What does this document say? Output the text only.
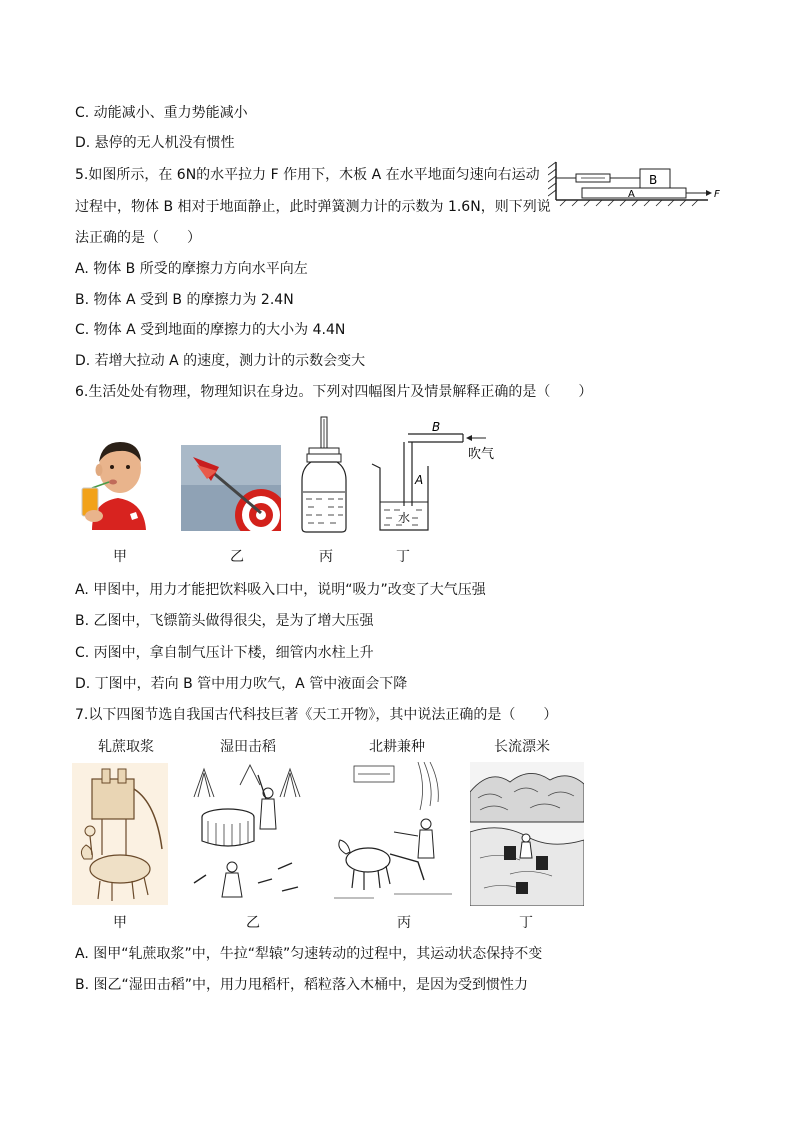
C. 动能减小、重力势能减小
D. 悬停的无人机没有惯性
5.如图所示，在 6N的水平拉力 F 作用下，木板 A 在水平地面匀速向右运动
过程中，物体 B 相对于地面静止，此时弹簧测力计的示数为 1.6N，则下列说
法正确的是（　　）
B
A	F
A. 物体 B 所受的摩擦力方向水平向左
B. 物体 A 受到 B 的摩擦力为 2.4N
C. 物体 A 受到地面的摩擦力的大小为 4.4N
D. 若增大拉动 A 的速度，测力计的示数会变大
6.生活处处有物理，物理知识在身边。下列对四幅图片及情景解释正确的是（　　）
甲	乙	丙
B
吹气
A
水
丁
A. 甲图中，用力才能把饮料吸入口中，说明“吸力”改变了大气压强
B. 乙图中，飞镖箭头做得很尖，是为了增大压强
C. 丙图中，拿自制气压计下楼，细管内水柱上升
D. 丁图中，若向 B 管中用力吹气，A 管中液面会下降
7.以下四图节选自我国古代科技巨著《天工开物》，其中说法正确的是（　　）
轧蔗取浆	湿田击稻	北耕兼种	长流漂米
甲	乙	丙	丁
A. 图甲“轧蔗取浆”中，牛拉“犁辕”匀速转动的过程中，其运动状态保持不变
B. 图乙“湿田击稻”中，用力甩稻杆，稻粒落入木桶中，是因为受到惯性力
